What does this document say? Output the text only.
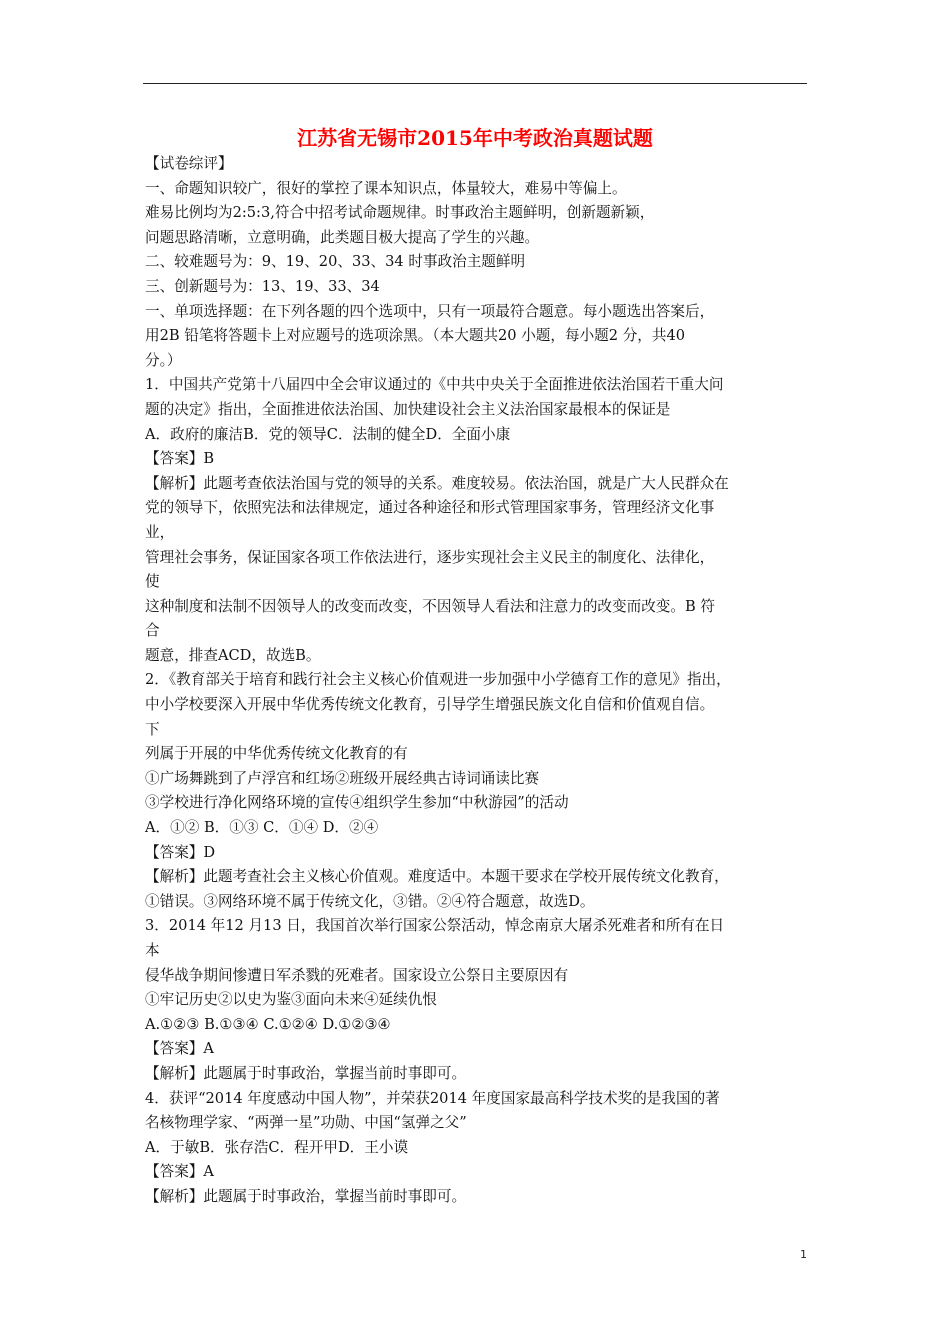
江苏省无锡市2015年中考政治真题试题
【试卷综评】
一、命题知识较广，很好的掌控了课本知识点，体量较大，难易中等偏上。
难易比例均为2:5:3,符合中招考试命题规律。时事政治主题鲜明，创新题新颖，
问题思路清晰，立意明确，此类题目极大提高了学生的兴趣。
二、较难题号为：9、19、20、33、34 时事政治主题鲜明
三、创新题号为：13、19、33、34
一、单项选择题：在下列各题的四个选项中，只有一项最符合题意。每小题选出答案后，
用2B 铅笔将答题卡上对应题号的选项涂黑。（本大题共20 小题，每小题2 分，共40
分。）
1．中国共产党第十八届四中全会审议通过的《中共中央关于全面推进依法治国若干重大问
题的决定》指出，全面推进依法治国、加快建设社会主义法治国家最根本的保证是
A．政府的廉洁B．党的领导C．法制的健全D．全面小康
【答案】B
【解析】此题考查依法治国与党的领导的关系。难度较易。依法治国，就是广大人民群众在
党的领导下，依照宪法和法律规定，通过各种途径和形式管理国家事务，管理经济文化事
业，
管理社会事务，保证国家各项工作依法进行，逐步实现社会主义民主的制度化、法律化，
使
这种制度和法制不因领导人的改变而改变，不因领导人看法和注意力的改变而改变。B 符
合
题意，排查ACD，故选B。
2．《教育部关于培育和践行社会主义核心价值观进一步加强中小学德育工作的意见》指出，
中小学校要深入开展中华优秀传统文化教育，引导学生增强民族文化自信和价值观自信。
下
列属于开展的中华优秀传统文化教育的有
①广场舞跳到了卢浮宫和红场②班级开展经典古诗词诵读比赛
③学校进行净化网络环境的宣传④组织学生参加“中秋游园”的活动
A．①② B．①③ C．①④ D．②④
【答案】D
【解析】此题考查社会主义核心价值观。难度适中。本题干要求在学校开展传统文化教育，
①错误。③网络环境不属于传统文化，③错。②④符合题意，故选D。
3．2014 年12 月13 日，我国首次举行国家公祭活动，悼念南京大屠杀死难者和所有在日
本
侵华战争期间惨遭日军杀戮的死难者。国家设立公祭日主要原因有
①牢记历史②以史为鉴③面向未来④延续仇恨
A.①②③ B.①③④ C.①②④ D.①②③④
【答案】A
【解析】此题属于时事政治，掌握当前时事即可。
4．获评“2014 年度感动中国人物”，并荣获2014 年度国家最高科学技术奖的是我国的著
名核物理学家、“两弹一星”功勋、中国“氢弹之父”
A．于敏B．张存浩C．程开甲D．王小谟
【答案】A
【解析】此题属于时事政治，掌握当前时事即可。
1
